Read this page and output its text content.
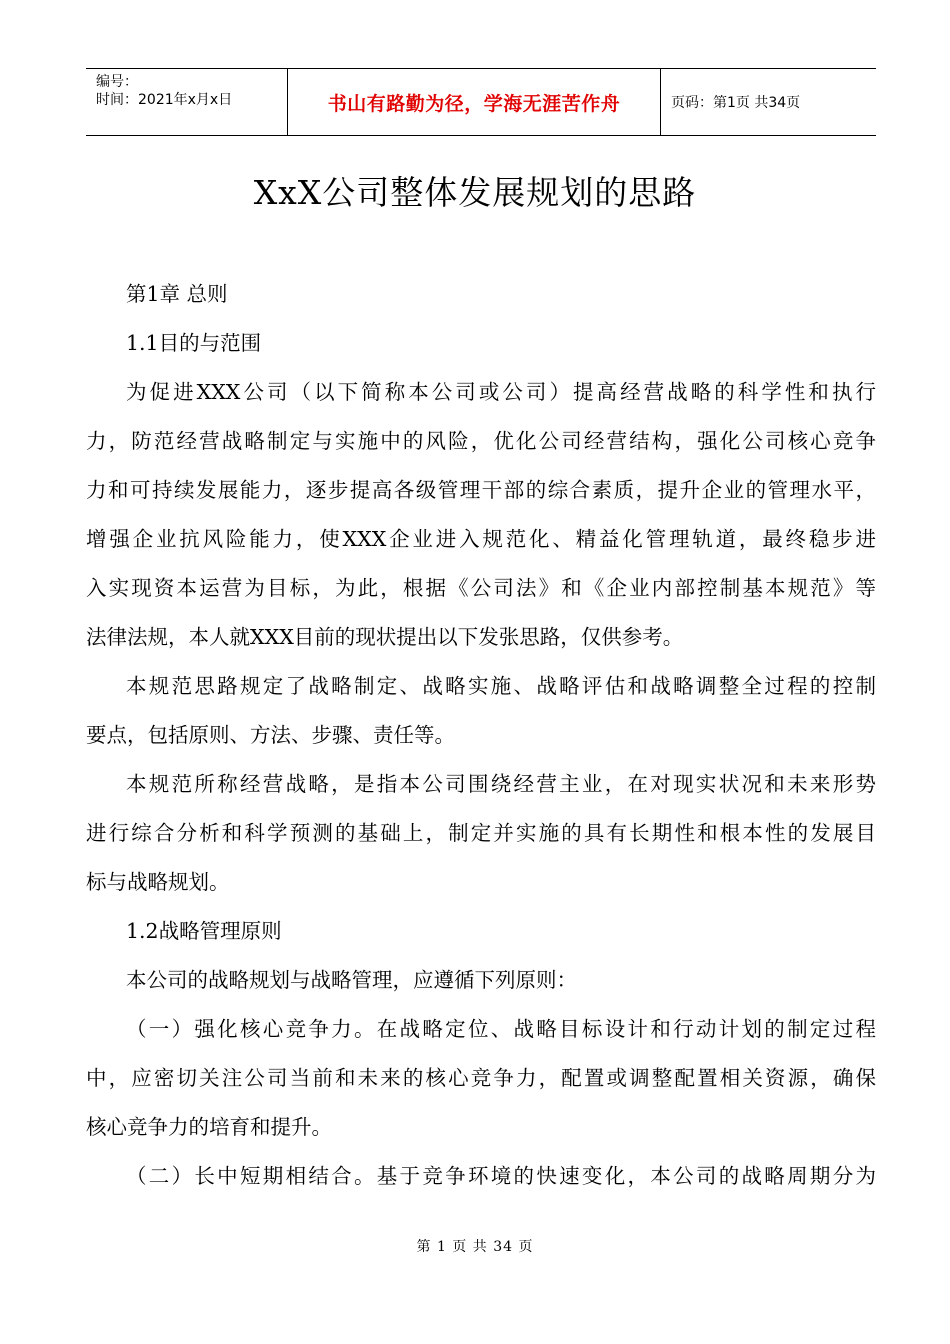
编号：
时间：2021年x月x日	书山有路勤为径，学海无涯苦作舟	页码：第1页 共34页
XxX公司整体发展规划的思路
第1章 总则
1.1目的与范围
为促进XXX公司（以下简称本公司或公司）提高经营战略的科学性和执行
力，防范经营战略制定与实施中的风险，优化公司经营结构，强化公司核心竞争
力和可持续发展能力，逐步提高各级管理干部的综合素质，提升企业的管理水平，
增强企业抗风险能力，使XXX企业进入规范化、精益化管理轨道，最终稳步进
入实现资本运营为目标，为此，根据《公司法》和《企业内部控制基本规范》等
法律法规，本人就XXX目前的现状提出以下发张思路，仅供参考。
本规范思路规定了战略制定、战略实施、战略评估和战略调整全过程的控制
要点，包括原则、方法、步骤、责任等。
本规范所称经营战略，是指本公司围绕经营主业，在对现实状况和未来形势
进行综合分析和科学预测的基础上，制定并实施的具有长期性和根本性的发展目
标与战略规划。
1.2战略管理原则
本公司的战略规划与战略管理，应遵循下列原则：
（一）强化核心竞争力。在战略定位、战略目标设计和行动计划的制定过程
中，应密切关注公司当前和未来的核心竞争力，配置或调整配置相关资源，确保
核心竞争力的培育和提升。
（二）长中短期相结合。基于竞争环境的快速变化，本公司的战略周期分为
第 1 页 共 34 页
